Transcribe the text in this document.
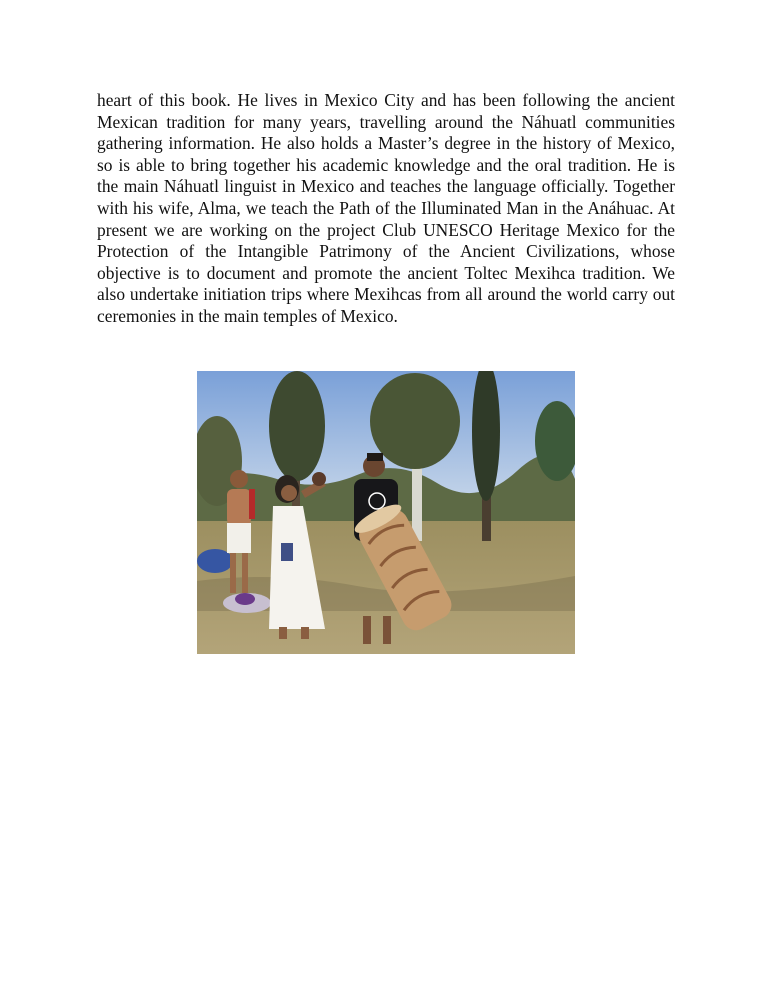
heart of this book. He lives in Mexico City and has been following the ancient Mexican tradition for many years, travelling around the Náhuatl communities gathering information. He also holds a Master’s degree in the history of Mexico, so is able to bring together his academic knowledge and the oral tradition. He is the main Náhuatl linguist in Mexico and teaches the language officially. Together with his wife, Alma, we teach the Path of the Illuminated Man in the Anáhuac. At present we are working on the project Club UNESCO Heritage Mexico for the Protection of the Intangible Patrimony of the Ancient Civilizations, whose objective is to document and promote the ancient Toltec Mexihca tradition. We also undertake initiation trips where Mexihcas from all around the world carry out ceremonies in the main temples of Mexico.
